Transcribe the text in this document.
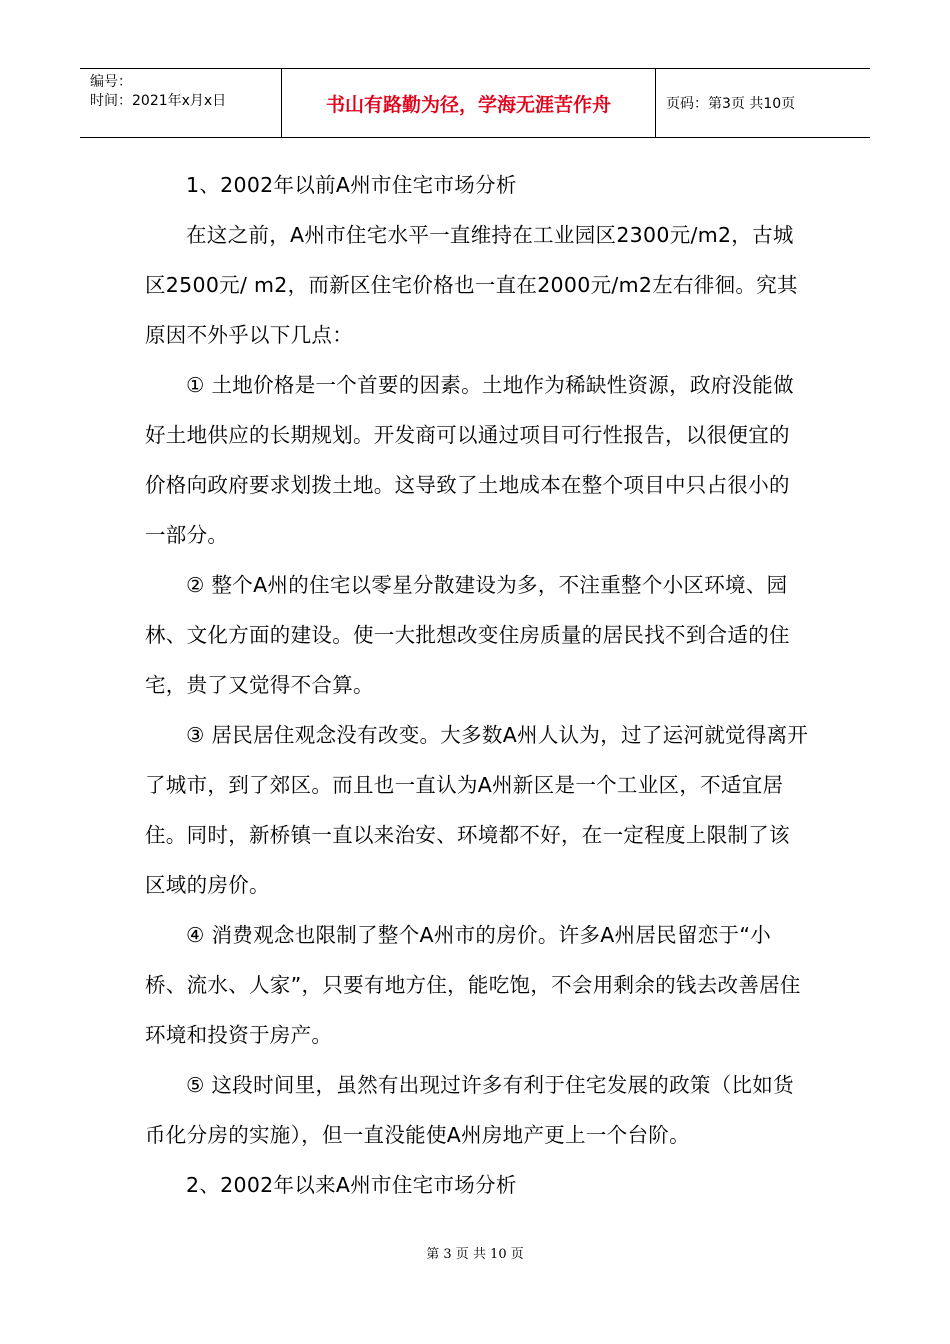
编号：
时间：2021年x月x日	书山有路勤为径，学海无涯苦作舟	页码：第3页 共10页

1、2002年以前A州市住宅市场分析

在这之前，A州市住宅水平一直维持在工业园区2300元/m2，古城区2500元/ m2，而新区住宅价格也一直在2000元/m2左右徘徊。究其原因不外乎以下几点：

① 土地价格是一个首要的因素。土地作为稀缺性资源，政府没能做好土地供应的长期规划。开发商可以通过项目可行性报告，以很便宜的价格向政府要求划拨土地。这导致了土地成本在整个项目中只占很小的一部分。

② 整个A州的住宅以零星分散建设为多，不注重整个小区环境、园林、文化方面的建设。使一大批想改变住房质量的居民找不到合适的住宅，贵了又觉得不合算。

③ 居民居住观念没有改变。大多数A州人认为，过了运河就觉得离开了城市，到了郊区。而且也一直认为A州新区是一个工业区，不适宜居住。同时，新桥镇一直以来治安、环境都不好，在一定程度上限制了该区域的房价。

④ 消费观念也限制了整个A州市的房价。许多A州居民留恋于“小桥、流水、人家”，只要有地方住，能吃饱，不会用剩余的钱去改善居住环境和投资于房产。

⑤ 这段时间里，虽然有出现过许多有利于住宅发展的政策（比如货币化分房的实施），但一直没能使A州房地产更上一个台阶。

2、2002年以来A州市住宅市场分析

第 3 页 共 10 页
